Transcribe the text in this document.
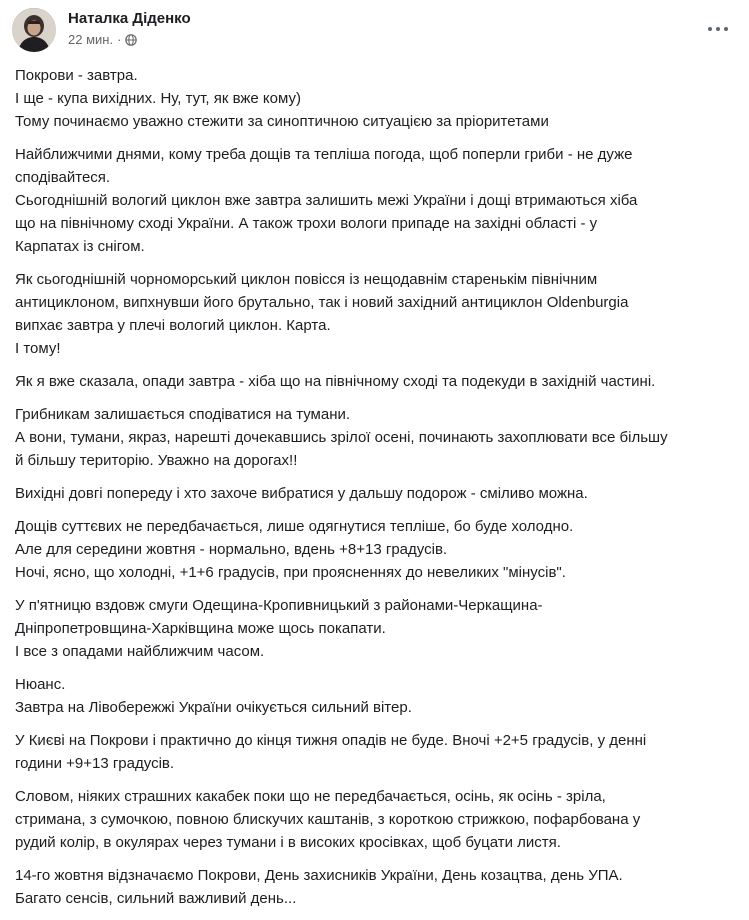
Наталка Діденко
22 мин. ·
Покрови - завтра.
І ще - купа вихідних. Ну, тут, як вже кому)
Тому починаємо уважно стежити за синоптичною ситуацією за пріоритетами
Найближчими днями, кому треба дощів та тепліша погода, щоб поперли гриби - не дуже
сподівайтеся.
Сьогоднішній вологий циклон вже завтра залишить межі України і дощі втримаються хіба
що на північному сході України. А також трохи вологи припаде на західні області - у
Карпатах із снігом.
Як сьогоднішній чорноморський циклон повісся із нещодавнім старенькім північним
антициклоном, випхнувши його брутально, так і новий західний антициклон Oldenburgia
випхає завтра у плечі вологий циклон. Карта.
І тому!
Як я вже сказала, опади завтра - хіба що на північному сході та подекуди в західній частині.
Грибникам залишається сподіватися на тумани.
А вони, тумани, якраз, нарешті дочекавшись зрілої осені, починають захоплювати все більшу
й більшу територію. Уважно на дорогах!!
Вихідні довгі попереду і хто захоче вибратися у дальшу подорож - сміливо можна.
Дощів суттєвих не передбачається, лише одягнутися тепліше, бо буде холодно.
Але для середини жовтня - нормально, вдень +8+13 градусів.
Ночі, ясно, що холодні, +1+6 градусів, при проясненнях до невеликих "мінусів".
У п'ятницю вздовж смуги Одещина-Кропивницький з районами-Черкащина-
Дніпропетровщина-Харківщина може щось покапати.
І все з опадами найближчим часом.
Нюанс.
Завтра на Лівобережжі України очікується сильний вітер.
У Києві на Покрови і практично до кінця тижня опадів не буде. Вночі +2+5 градусів, у денні
години +9+13 градусів.
Словом, ніяких страшних какабек поки що не передбачається, осінь, як осінь - зріла,
стримана, з сумочкою, повною блискучих каштанів, з короткою стрижкою, пофарбована у
рудий колір, в окулярах через тумани і в високих кросівках, щоб буцати листя.
14-го жовтня відзначаємо Покрови, День захисників України, День козацтва, день УПА.
Багато сенсів, сильний важливий день...
